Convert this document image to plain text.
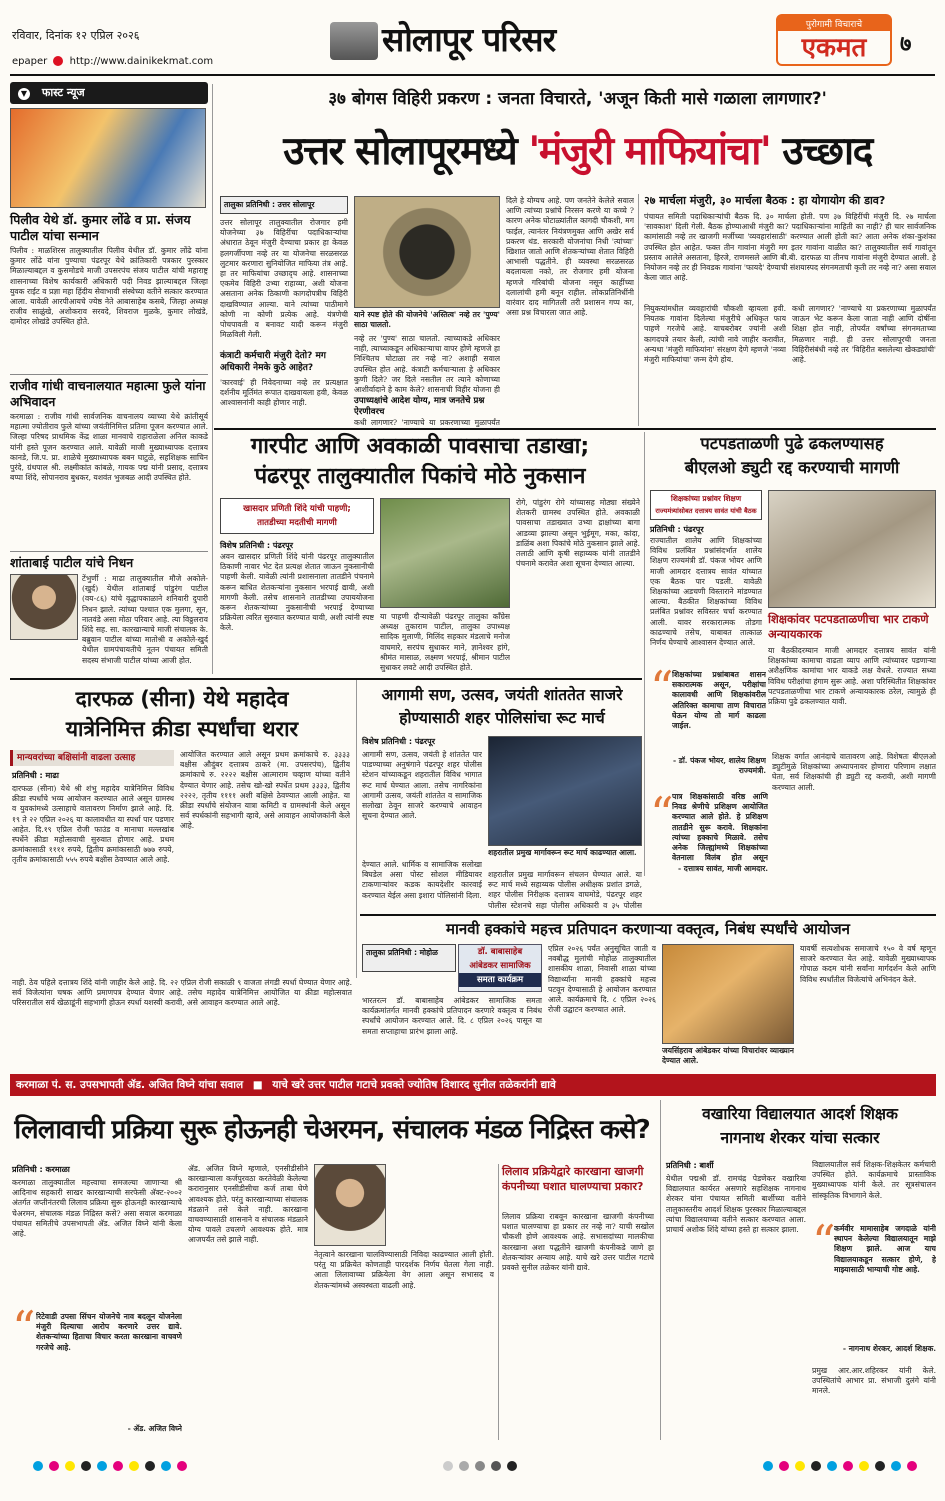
रविवार, दिनांक १२ एप्रिल २०२६
epaper http://www.dainikekmat.com
सोलापूर परिसर	पुरोगामी विचाराचे
एकमत	७
▼ फास्ट न्यूज
पिलीव येथे डॉ. कुमार लोंढे व प्रा. संजय पाटील यांचा सन्मान
पिलीव : माळशिरस तालुक्यातील पिलीव येथील डॉ. कुमार लोंढे यांना कुमार लोंढे यांना पुण्याचा पंढरपूर येथे क्रांतिकारी पत्रकार पुरस्कार मिळाल्याबद्दल व कुसमोडचे माजी उपसरपंच संजय पाटील यांची महाराष्ट्र शासनाच्या विशेष कार्यकारी अधिकारी पदी निवड झाल्याबद्दल जिल्हा युवक राईट व प्रज्ञा महा हिंदीय सेवाभावी संस्थेच्या वतीने सत्कार करण्यात आला. यावेळी आरपीआयचे ज्येष्ठ नेते आबासाहेब कसबे, जिल्हा अध्यक्ष राजीव साळुंखे, अशोकराव सरवदे, शिवराज मुळके, कुमार लोखंडे, दामोदर लोखंडे उपस्थित होते.
राजीव गांधी वाचनालयात महात्मा फुले यांना अभिवादन
करमाळा : राजीव गांधी सार्वजनिक वाचनालय व्याच्या येथे क्रांतीसूर्य महात्मा ज्योतीराव फुले यांच्या जयंतीनिमित्त प्रतिमा पूजन करण्यात आले. जिल्हा परिषद प्राथमिक केंद्र शाळा मानवाचे राहाराळेला अनिल काकडे यांनी हस्ते पूजन करण्यात आले. यावेळी माजी मुख्याध्यापक दत्तात्रय कानडे, जि.प. प्रा. शाळेचे मुख्याध्यापक बबन घाटुळे, सहशिक्षक साचिन पुरंदे, ग्रंथपाल श्री. लक्ष्मीकांत कांबळे, गायक पद्म यांनी प्रसाद, दत्तात्रय बप्पा शिंदे, सोपानराव बुधकर, यशवंत भुजबळ आदी उपस्थित होते.
शांताबाई पाटील यांचे निधन
टेंभुर्णी : माढा तालुक्यातील मौजे अकोले-(खुर्द) येथील शांताबाई पांडुरंग पाटील (वय-८६) यांचे वृद्धापकाळाने शनिवारी दुपारी निधन झाले. त्यांच्या पश्चात एक मुलगा, सून, नातवंडे असा मोठा परिवार आहे. त्या विठ्ठलराव शिंदे सह. सा. कारखान्याचे माजी संचालक के. बब्रुवान पाटील यांच्या मातोश्री व अकोले-खुर्द येथील ग्रामपंचायतीचे नूतन पंचायत समिती सदस्य संभाजी पाटील यांच्या आजी होत.
३७ बोगस विहिरी प्रकरण : जनता विचारते, 'अजून किती मासे गळाला लागणार?'
उत्तर सोलापूरमध्ये 'मंजुरी माफियांचा' उच्छाद
तालुका प्रतिनिधी : उत्तर सोलापूर
उत्तर सोलापूर तालुक्यातील रोजगार हमी योजनेच्या ३७ विहिरींचा पदाधिकाऱ्यांचा अंधारात ठेवून मंजुरी देण्याचा प्रकार हा केवळ हलगर्जीपणा नव्हे तर या योजनेचा सरळसरळ लुटमार करणारा सुनियोजित माफिया तंत्र आहे. हा तर माफियांचा उच्छाद्च आहे. शासनाच्या एकमेव विहिरी उभ्या राहाव्या, अशी योजना असताना अनेक ठिकाणी कागदोपत्रीच विहिरी दाखविण्यात आल्या. याने त्यांच्या पाठीमागे कोणी ना कोणी प्रत्येक आहे. यंत्रणेची पोचपावती व बनावट यादी करून मंजुरी मिळविली गेली.
कंत्राटी कर्मचारी मंजुरी देतो? मग अधिकारी नेमके कुठे आहेत?
'कारवाई' ही निवेदनाच्या नव्हे तर प्रत्यक्षात दर्शनीय मूर्तिमंत रूपात दाखवायला हवी, केवळ आश्वासनांनी काही होणार नाही.
याने स्पष्ट होते की योजनेचे 'अस्तित्व' नव्हे तर 'पुण्य' साठा चालतो.
नव्हे तर 'पुण्य' साठा चालतो. त्याच्याकडे अधिकार नाही, त्याच्याकडून अधिकाऱ्याचा वापर होणे म्हणजे हा निश्चितच घोटाळा तर नव्हे ना? अशाही सवाल उपस्थित होत आहे. कंत्राटी कर्मचाऱ्याला हे अधिकार कुणी दिले? जर दिले नसतील तर त्याने कोणाच्या आशीर्वादाने हे काम केले? शासनाची विहीर योजना ही
उपाध्यक्षांचे आदेश योग्य, मात्र जनतेचे प्रश्न ऐरणीवरच
कधी लागणार? 'नाण्याचे या प्रकरणाच्या मुळापर्यंत
दिले हे योग्यच आहे. पण जनतेने केलेले सवाल आणि त्यांच्या प्रश्नांचे निरसन करणे या कच्चे ? कारण अनेक घोटाळ्यांतील कागदी चौकशी, मग फाईल, त्यानंतर नियंत्रणमुक्त आणि अखेर सर्व प्रकरण थंड. सरकारी योजनांचा निधी 'त्यांच्या' खिशात जातो आणि शेतकऱ्यांच्या शेतात विहिरी आभासी पद्धतीने. ही व्यवस्था सरळसरळ बदलायला नको, तर रोजगार हमी योजना म्हणजे गरिबांची योजना नसून काहींच्या दलालांची हमी बनून राहील. लोकप्रतिनिधींनी वारंवार दाद मागितली तरी प्रशासन गप्प का, असा प्रश्न विचारला जात आहे.
२७ मार्चला मंजुरी, ३० मार्चला बैठक : हा योगायोग की डाव?
पंचायत समिती पदाधिकाऱ्यांची बैठक दि. ३० मार्चला होती. पण ३७ विहिरींची मंजुरी दि. २७ मार्चला 'सावकाश' दिली गेली. बैठक होण्याआधी मंजुरी का? पदाधिकाऱ्यांना माहिती का नाही? ही चार सार्वजनिक कामांसाठी नव्हे तर खाजगी मर्जीच्या 'व्यवहारांसाठी' करण्यात आली होती का? आता अनेक शंका-कुशंका उपस्थित होत आहेत. फक्त तीन गावांना मंजुरी मग इतर गावांना वाळीत का? तालुक्यातील सर्व गावांतून प्रस्ताव आलेले असताना, हिरजे, राणमसले आणि बी.बी. दारफळ या तीनच गावांना मंजुरी देण्यात आली. हे नियोजन नव्हे तर ही निवडक गावांना 'फायदे' देण्याची संशयास्पद संगनमताची कृती तर नव्हे ना? असा सवाल केला जात आहे.
नियुक्त्यांमधील व्यवहारांची चौकशी व्हायला हवी. नियतक गावांना दिलेल्या मंजुरीचे अधिकृत फाय पाहणे गरजेचे आहे. याचबरोबर ज्यांनी अशी कागदपत्रे तयार केली, त्यांची नावे जाहीर करावीत, अन्यथा 'मंजुरी माफियांना' संरक्षण देणे म्हणजे 'नव्या मंजुरी माफियांचा' जन्म देणे होय.
कधी लागणार? 'नाण्याचे या प्रकरणाच्या मुळापर्यंत जाऊन भेट करून केला जाता नाही आणि दोषींना शिक्षा होत नाही, तोपर्यंत वर्षांच्या संगनमताच्या मिळणार नाही. ही उत्तर सोलापूरची जनता विहिरीसंबंधी नव्हे तर 'विहिरीत बसलेल्या खेकड्यांची' आहे.
गारपीट आणि अवकाळी पावसाचा तडाखा;
पंढरपूर तालुक्यातील पिकांचे मोठे नुकसान
खासदार प्रणिती शिंदे यांची पाहणी;
तातडीच्या मदतीची मागणी
विशेष प्रतिनिधी : पंढरपूर
अवन खासदार प्रणिती शिंदे यांनी पंढरपूर तालुक्यातील ठिकाणी नावार भेट देत प्रत्यक्ष शेतात जाऊन नुकसानीची पाहणी केली. यावेळी त्यांनी प्रशासनाला तातडीने पंचनामे करून बाधित शेतकऱ्यांना नुकसान भरपाई द्यावी, अशी मागणी केली. तसेच शासनाने तातडीच्या उपाययोजना करून शेतकऱ्यांच्या नुकसानीची भरपाई देण्याच्या प्रक्रियेला त्वरित सुरुवात करण्यात यावी, अशी त्यांनी स्पष्ट केले.
या पाहणी दौऱ्यावेळी पंढरपूर तालुका काँग्रेस अध्यक्ष तुकाराम पाटील, तालुका उपाध्यक्ष सादिक मुलाणी, मिलिंद सहकार मंडलाचे मनोज वाघमारे, सरपंच सुधाकर माने, ज्ञानेश्वर हांगे, श्रीमंत मासाळ, लक्ष्मण भरपाई, श्रीमान पाटील सुधाकर लवटे आदी उपस्थित होते.
रोगे, पांडुरंग रोगे यांच्यासह मोठ्या संख्येने शेतकरी ग्रामस्थ उपस्थित होते. अवकाळी पावसाचा तडाख्यात उभ्या द्राक्षांच्या बागा आडव्या झाल्या असून भुईमूग, मका, कांदा, डाळिंब अशा पिकांचे मोठे नुकसान झाले आहे. तलाठी आणि कृषी सहाय्यक यांनी तातडीने पंचनामे करावेत अशा सूचना देण्यात आल्या.
पटपडताळणी पुढे ढकलण्यासह
बीएलओ ड्युटी रद्द करण्याची मागणी
शिक्षकांच्या प्रश्नांवर शिक्षण
राज्यमंत्र्यांसोबत दत्तात्रय सावंत यांची बैठक
प्रतिनिधी : पंढरपूर
राज्यातील शालेय आणि शिक्षकांच्या विविध प्रलंबित प्रश्नांसंदर्भात शालेय शिक्षण राज्यमंत्री डॉ. पंकज भोयर आणि माजी आमदार दत्तात्रय सावंत यांच्यात एक बैठक पार पडली. यावेळी शिक्षकांच्या अडचणी विस्ताराने मांडण्यात आल्या. बैठकीत शिक्षकांच्या विविध प्रलंबित प्रश्नांवर सविस्तर चर्चा करण्यात आली. यावर सरकारात्मक तोडगा काढण्याचे तसेच, याबाबत तात्काळ निर्णय घेण्याचे आश्वासन देण्यात आले.
शिक्षकांवर पटपडताळणीचा भार टाकणे अन्यायकारक
या बैठकीदरम्यान माजी आमदार दत्तात्रय सावंत यांनी शिक्षकांच्या कामाचा वाढता व्याप आणि त्यांच्यावर पडणाऱ्या अशैक्षणिक कामांचा भार याकडे लक्ष वेधले. राज्यात सध्या विविध परीक्षांचा हंगाम सुरू आहे. अशा परिस्थितीत शिक्षकांवर पटपडताळणीचा भार टाकणे अन्यायकारक ठरेल, त्यामुळे ही प्रक्रिया पुढे ढकलण्यात यावी.
“
शिक्षकांच्या प्रश्नांबाबत शासन सकारात्मक असून, परीक्षांचा कालावधी आणि शिक्षकांवरील अतिरिक्त कामाचा ताण विचारात घेऊन योग्य तो मार्ग काढला जाईल.
- डॉ. पंकज भोयर, शालेय शिक्षण राज्यमंत्री.
शिक्षक वर्गात आनंदाचे वातावरण आहे. विशेषतः बीएलओ ड्युटीमुळे शिक्षकांच्या अध्यापनावर होणारा परिणाम लक्षात घेता, सर्व शिक्षकांची ही ड्युटी रद्द करावी, अशी मागणी करण्यात आली.
“
पात्र शिक्षकांसाठी वरिष्ठ आणि निवड श्रेणीचे प्रशिक्षण आयोजित करण्यात आले होते. हे प्रशिक्षण तातडीने सुरू करावे. शिक्षकांना त्यांच्या हक्काचे मिळावे. तसेच अनेक जिल्ह्यांमध्ये शिक्षकांच्या वेतनाला विलंब होत असून
- दत्तात्रय सावंत, माजी आमदार.
दारफळ (सीना) येथे महादेव
यात्रेनिमित्त क्रीडा स्पर्धांचा थरार
मान्यवरांच्या बक्षिसांनी वाढला उत्साह
प्रतिनिधी : माढा
दारफळ (सीना) येथे श्री शंभु महादेव यात्रेनिमित्त विविध क्रीडा स्पर्धांचे भव्य आयोजन करण्यात आले असून ग्रामस्थ व युवकांमध्ये उत्साहाचे वातावरण निर्माण झाले आहे. दि. १९ ते २२ एप्रिल २०२६ या कालावधीत या स्पर्धा पार पडणार आहेत. दि.१९ एप्रिल रोजी फाउंड व मानाचा मल्लखांब स्पर्धेने क्रीडा महोत्सवाची सुरुवात होणार आहे. प्रथम क्रमांकासाठी ११११ रुपये, द्वितीय क्रमांकासाठी ७७७ रुपये, तृतीय क्रमांकासाठी ५५५ रुपये बक्षीस ठेवण्यात आले आहे.
आयोजित करण्यात आले असून प्रथम क्रमांकाचे रु. ३३३३ बक्षीस औदुंबर दत्तात्रय ठाकरे (मा. उपसरपंच), द्वितीय क्रमांकाचे रु. २२२२ बक्षीस आत्माराम चव्हाण यांच्या वतीने देण्यात येणार आहे. तसेच खो-खो स्पर्धेत प्रथम ३३३३, द्वितीय २२२२, तृतीय ११११ अशी बक्षिसे ठेवण्यात आली आहेत. या क्रीडा स्पर्धांचे संयोजन यात्रा कमिटी व ग्रामस्थांनी केले असून सर्व स्पर्धकांनी सहभागी व्हावे, असे आवाहन आयोजकांनी केले आहे.
आगामी सण, उत्सव, जयंती शांततेत साजरे
होण्यासाठी शहर पोलिसांचा रूट मार्च
विशेष प्रतिनिधी : पंढरपूर
आगामी सण, उत्सव, जयंती हे शांततेत पार पाडण्याच्या अनुषंगाने पंढरपूर शहर पोलीस स्टेशन यांच्याकडून शहरातील विविध भागात रूट मार्च घेण्यात आला. तसेच नागरिकांना आगामी उत्सव, जयंती शांततेत व सामाजिक सलोखा ठेवून साजरे करण्याचे आवाहन सूचना देण्यात आले.
शहरातील प्रमुख मार्गावरून रूट मार्च काढण्यात आला.
देण्यात आले. धार्मिक व सामाजिक सलोखा बिघडेल असा पोस्ट सोशल मीडियावर टाकणाऱ्यांवर कडक कायदेशीर कारवाई करण्यात येईल असा इशारा पोलिसांनी दिला.
शहरातील प्रमुख मार्गावरून संचलन घेण्यात आले. या रूट मार्च मध्ये सहाय्यक पोलीस अधीक्षक प्रशांत डगळे, शहर पोलीस निरीक्षक दत्तात्रय वाघमोडे, पंढरपूर शहर पोलीस स्टेशनचे सहा पोलीस अधिकारी व ३५ पोलीस
मानवी हक्कांचे महत्त्व प्रतिपादन करणाऱ्या वक्तृत्व, निबंध स्पर्धांचे आयोजन
तालुका प्रतिनिधी : मोहोळ	डॉ. बाबासाहेब
आंबेडकर सामाजिक
समता कार्यक्रम
भारतरत्न डॉ. बाबासाहेब आंबेडकर सामाजिक समता कार्यक्रमांतर्गत मानवी हक्कांचे प्रतिपादन करणारे वक्तृत्व व निबंध स्पर्धांचे आयोजन करण्यात आले. दि. ८ एप्रिल २०२६ पासून या समता सप्ताहाचा प्रारंभ झाला आहे.
एप्रिल २०२६ पर्यंत अनुसूचित जाती व नवबौद्ध मुलांची मोहोळ तालुक्यातील शासकीय शाळा, निवासी शाळा यांच्या विद्यार्थ्यांना मानवी हक्कांचे महत्त्व पटवून देण्यासाठी हे आयोजन करण्यात आले. कार्यक्रमाचे दि. ८ एप्रिल २०२६ रोजी उद्घाटन करण्यात आले.
जयसिंहराव आंबेडकर यांच्या विचारांवर व्याख्यान देण्यात आले.
यावर्षी सत्यशोधक समाजाचे १५० वे वर्ष म्हणून साजरे करण्यात येत आहे. यावेळी मुख्याध्यापक गोपाळ कदम यांनी सर्वांना मार्गदर्शन केले आणि विविध स्पर्धांतील विजेत्यांचे अभिनंदन केले.
नाही. ठेव पहिले दत्तात्रय शिंदे यांनी जाहीर केले आहे. दि. २२ एप्रिल रोजी सकाळी ९ वाजता लंगडी स्पर्धा घेण्यात येणार आहे. सर्व विजेत्यांना चषक आणि प्रमाणपत्र देण्यात येणार आहे. तसेच महादेव यात्रेनिमित्त आयोजित या क्रीडा महोत्सवात परिसरातील सर्व खेळाडूंनी सहभागी होऊन स्पर्धा यशस्वी करावी, असे आवाहन करण्यात आले आहे.
करमाळा पं. स. उपसभापती ॲड. अजित विघ्ने यांचा सवाल ■ याचे खरे उत्तर पाटील गटाचे प्रवक्ते ज्योतिष विशारद सुनील तळेकरांनी द्यावे
लिलावाची प्रक्रिया सुरू होऊनही चेअरमन, संचालक मंडळ निद्रिस्त कसे?
प्रतिनिधी : करमाळा
करमाळा तालुक्यातील महत्त्वाचा समजल्या जाणाऱ्या श्री आदिनाथ सहकारी साखर कारखान्याची सरफेसी ॲक्ट-२००२ अंतर्गत जप्तीनंतरची लिलाव प्रक्रिया सुरू होऊनही कारखान्याचे चेअरमन, संचालक मंडळ निद्रिस्त कसे? असा सवाल करमाळा पंचायत समितीचे उपसभापती ॲड. अजित विघ्ने यांनी केला आहे.
“ रिटेवाडी उपसा सिंचन योजनेचे नाव बदलून योजनेला मंजुरी दिल्याचा आरोप करणारे उत्तर द्यावे. शेतकऱ्यांच्या हिताचा विचार करता कारखाना वाचवणे गरजेचे आहे.
- ॲड. अजित विघ्ने
ॲड. अजित विघ्ने म्हणाले, एनसीडीसीने कारखान्याला कर्जपुरवठा करतेवेळी केलेल्या करारानुसार एनसीडीसीचा कर्ज ताबा घेणे आवश्यक होते. परंतु कारखान्याच्या संचालक मंडळाने तसे केले नाही. कारखाना वाचवण्यासाठी शासनाने व संचालक मंडळाने योग्य पावले उचलणे आवश्यक होते. मात्र आजपर्यंत तसे झाले नाही.
नेतृत्वाने कारखाना चालविण्यासाठी निविदा काढण्यात आली होती. परंतु या प्रक्रियेत कोणताही पारदर्शक निर्णय घेतला गेला नाही. आता लिलावाच्या प्रक्रियेला वेग आला असून सभासद व शेतकऱ्यांमध्ये अस्वस्थता वाढली आहे.
लिलाव प्रक्रियेद्वारे कारखाना खाजगी कंपनीच्या घशात घालण्याचा प्रकार?
लिलाव प्रक्रिया राबवून कारखाना खाजगी कंपनीच्या घशात घालण्याचा हा प्रकार तर नव्हे ना? याची सखोल चौकशी होणे आवश्यक आहे. सभासदांच्या मालकीचा कारखाना अशा पद्धतीने खाजगी कंपनीकडे जाणे हा शेतकऱ्यांवर अन्याय आहे. याचे खरे उत्तर पाटील गटाचे प्रवक्ते सुनील तळेकर यांनी द्यावे.
वखारिया विद्यालयात आदर्श शिक्षक
नागनाथ शेरकर यांचा सत्कार
प्रतिनिधी : बार्शी
येथील पद्मश्री डॉ. रामचंद्र पेडणेकर वखारिया विद्यालयात कार्यरत असणारे सहशिक्षक नागनाथ शेरकर यांना पंचायत समिती बार्शीच्या वतीने तालुकास्तरीय आदर्श शिक्षक पुरस्कार मिळाल्याबद्दल त्यांचा विद्यालयाच्या वतीने सत्कार करण्यात आला. प्राचार्य अशोक शिंदे यांच्या हस्ते हा सत्कार झाला.
विद्यालयातील सर्व शिक्षक-शिक्षकेतर कर्मचारी उपस्थित होते. कार्यक्रमाचे प्रास्ताविक मुख्याध्यापक यांनी केले. तर सूत्रसंचालन सांस्कृतिक विभागाने केले.
“
कर्मवीर मामासाहेब जगदाळे यांनी स्थापन केलेल्या विद्यालयातून माझे शिक्षण झाले. आज याच विद्यालयाकडून सत्कार होणे, हे माझ्यासाठी भाग्याची गोष्ट आहे.
- नागनाथ शेरकर, आदर्श शिक्षक.
प्रमुख आर.आर.शहिरकर यांनी केले. उपस्थितांचे आभार प्रा. संभाजी दुलंगे यांनी मानले.
